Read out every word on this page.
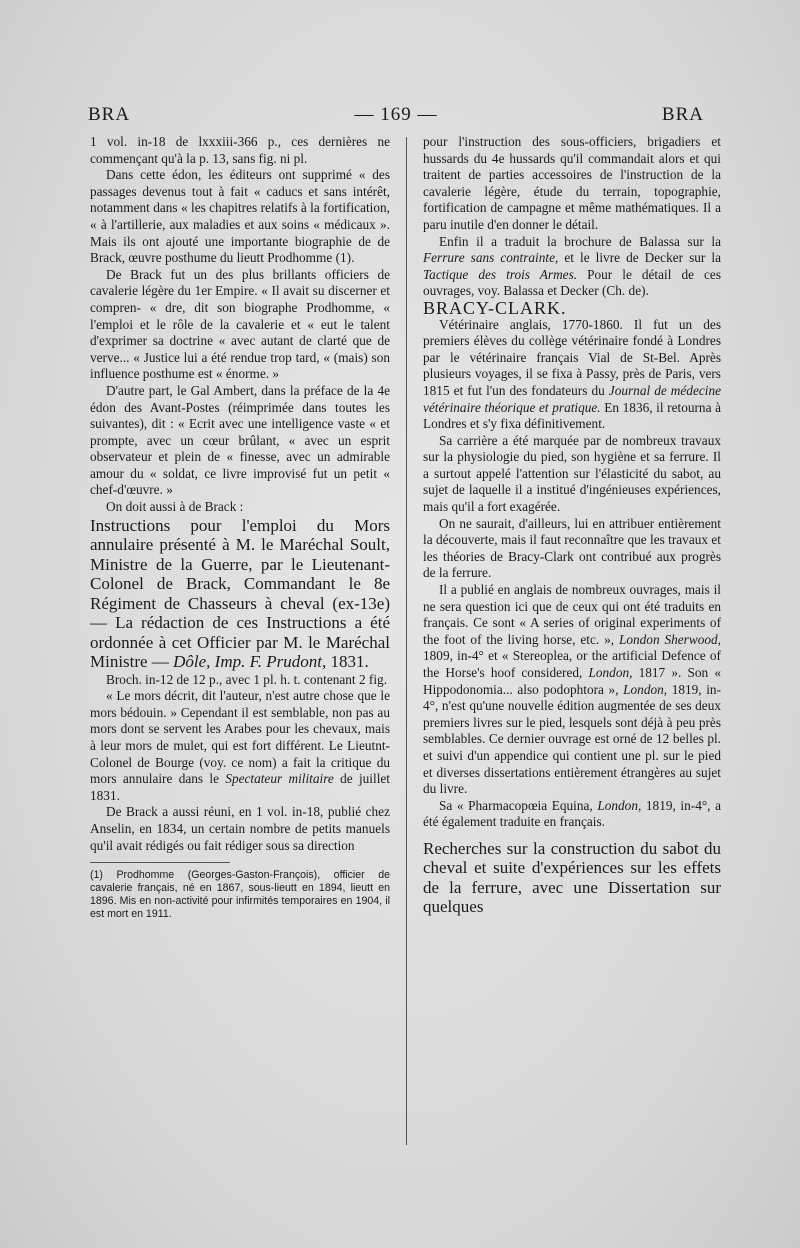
BRA	— 169 —	BRA

1 vol. in-18 de lxxxiii-366 p., ces dernières ne commençant qu'à la p. 13, sans fig. ni pl.

Dans cette édon, les éditeurs ont supprimé « des passages devenus tout à fait « caducs et sans intérêt, notamment dans « les chapitres relatifs à la fortification, « à l'artillerie, aux maladies et aux soins « médicaux ». Mais ils ont ajouté une importante biographie de de Brack, œuvre posthume du lieutt Prodhomme (1).

De Brack fut un des plus brillants officiers de cavalerie légère du 1er Empire. « Il avait su discerner et compren- « dre, dit son biographe Prodhomme, « l'emploi et le rôle de la cavalerie et « eut le talent d'exprimer sa doctrine « avec autant de clarté que de verve... « Justice lui a été rendue trop tard, « (mais) son influence posthume est « énorme. »

D'autre part, le Gal Ambert, dans la préface de la 4e édon des Avant-Postes (réimprimée dans toutes les suivantes), dit : « Ecrit avec une intelligence vaste « et prompte, avec un cœur brûlant, « avec un esprit observateur et plein de « finesse, avec un admirable amour du « soldat, ce livre improvisé fut un petit « chef-d'œuvre. »

On doit aussi à de Brack :

Instructions pour l'emploi du Mors annulaire présenté à M. le Maréchal Soult, Ministre de la Guerre, par le Lieutenant-Colonel de Brack, Commandant le 8e Régiment de Chasseurs à cheval (ex-13e) — La rédaction de ces Instructions a été ordonnée à cet Officier par M. le Maréchal Ministre — Dôle, Imp. F. Prudont, 1831.

Broch. in-12 de 12 p., avec 1 pl. h. t. contenant 2 fig.

« Le mors décrit, dit l'auteur, n'est autre chose que le mors bédouin. » Cependant il est semblable, non pas au mors dont se servent les Arabes pour les chevaux, mais à leur mors de mulet, qui est fort différent. Le Lieutnt-Colonel de Bourge (voy. ce nom) a fait la critique du mors annulaire dans le Spectateur militaire de juillet 1831.

De Brack a aussi réuni, en 1 vol. in-18, publié chez Anselin, en 1834, un certain nombre de petits manuels qu'il avait rédigés ou fait rédiger sous sa direction

(1) Prodhomme (Georges-Gaston-François), officier de cavalerie français, né en 1867, sous-lieutt en 1894, lieutt en 1896. Mis en non-activité pour infirmités temporaires en 1904, il est mort en 1911.

pour l'instruction des sous-officiers, brigadiers et hussards du 4e hussards qu'il commandait alors et qui traitent de parties accessoires de l'instruction de la cavalerie légère, étude du terrain, topographie, fortification de campagne et même mathématiques. Il a paru inutile d'en donner le détail.

Enfin il a traduit la brochure de Balassa sur la Ferrure sans contrainte, et le livre de Decker sur la Tactique des trois Armes. Pour le détail de ces ouvrages, voy. Balassa et Decker (Ch. de).

BRACY-CLARK.

Vétérinaire anglais, 1770-1860. Il fut un des premiers élèves du collège vétérinaire fondé à Londres par le vétérinaire français Vial de St-Bel. Après plusieurs voyages, il se fixa à Passy, près de Paris, vers 1815 et fut l'un des fondateurs du Journal de médecine vétérinaire théorique et pratique. En 1836, il retourna à Londres et s'y fixa définitivement.

Sa carrière a été marquée par de nombreux travaux sur la physiologie du pied, son hygiène et sa ferrure. Il a surtout appelé l'attention sur l'élasticité du sabot, au sujet de laquelle il a institué d'ingénieuses expériences, mais qu'il a fort exagérée.

On ne saurait, d'ailleurs, lui en attribuer entièrement la découverte, mais il faut reconnaître que les travaux et les théories de Bracy-Clark ont contribué aux progrès de la ferrure.

Il a publié en anglais de nombreux ouvrages, mais il ne sera question ici que de ceux qui ont été traduits en français. Ce sont « A series of original experiments of the foot of the living horse, etc. », London Sherwood, 1809, in-4° et « Stereoplea, or the artificial Defence of the Horse's hoof considered, London, 1817 ». Son « Hippodonomia... also podophtora », London, 1819, in-4°, n'est qu'une nouvelle édition augmentée de ses deux premiers livres sur le pied, lesquels sont déjà à peu près semblables. Ce dernier ouvrage est orné de 12 belles pl. et suivi d'un appendice qui contient une pl. sur le pied et diverses dissertations entièrement étrangères au sujet du livre.

Sa « Pharmacopœia Equina, London, 1819, in-4°, a été également traduite en français.

Recherches sur la construction du sabot du cheval et suite d'expériences sur les effets de la ferrure, avec une Dissertation sur quelques
